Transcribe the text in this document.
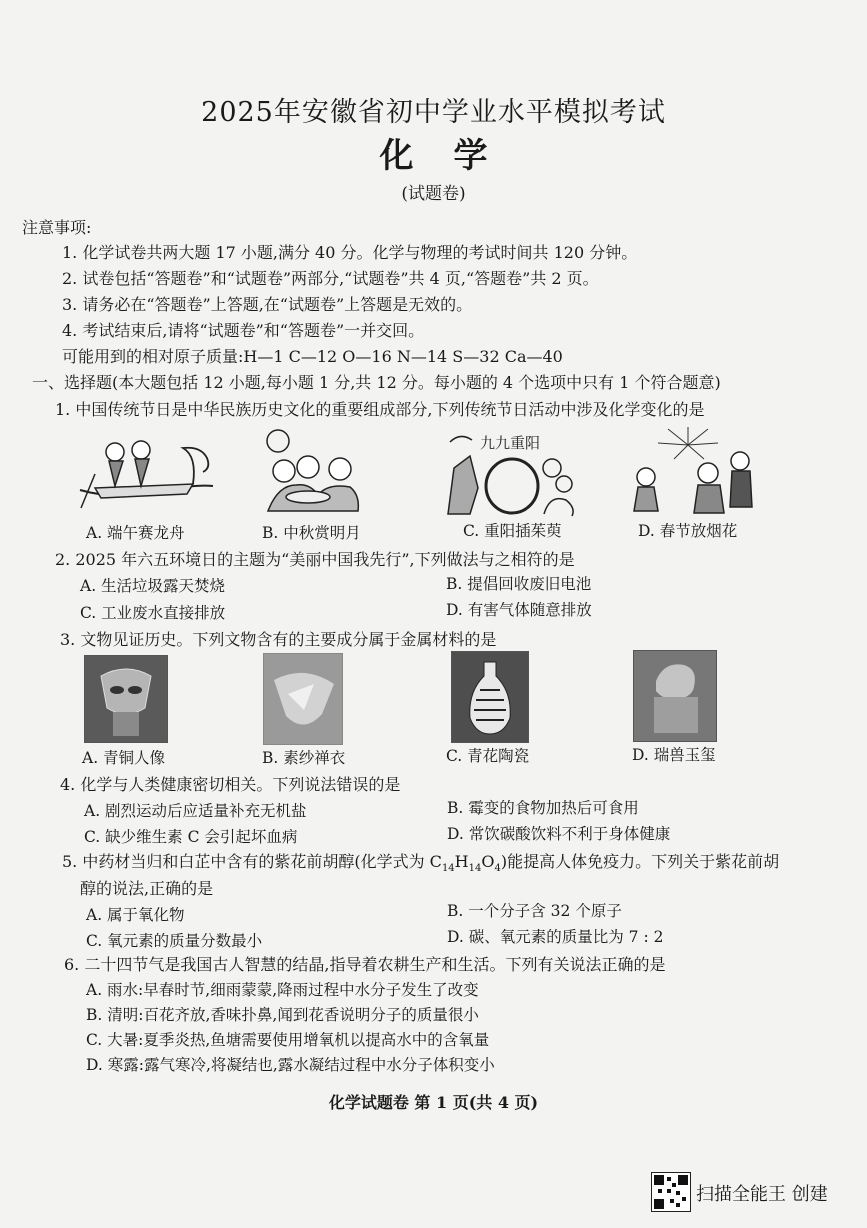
2025年安徽省初中学业水平模拟考试
化学
(试题卷)
注意事项:
1. 化学试卷共两大题 17 小题,满分 40 分。化学与物理的考试时间共 120 分钟。
2. 试卷包括“答题卷”和“试题卷”两部分,“试题卷”共 4 页,“答题卷”共 2 页。
3. 请务必在“答题卷”上答题,在“试题卷”上答题是无效的。
4. 考试结束后,请将“试题卷”和“答题卷”一并交回。
可能用到的相对原子质量:H—1 C—12 O—16 N—14 S—32 Ca—40
一、选择题(本大题包括 12 小题,每小题 1 分,共 12 分。每小题的 4 个选项中只有 1 个符合题意)
1. 中国传统节日是中华民族历史文化的重要组成部分,下列传统节日活动中涉及化学变化的是
九九重阳
A. 端午赛龙舟	B. 中秋赏明月	C. 重阳插茱萸	D. 春节放烟花
2. 2025 年六五环境日的主题为“美丽中国我先行”,下列做法与之相符的是
A. 生活垃圾露天焚烧	B. 提倡回收废旧电池
C. 工业废水直接排放	D. 有害气体随意排放
3. 文物见证历史。下列文物含有的主要成分属于金属材料的是
A. 青铜人像	B. 素纱禅衣	C. 青花陶瓷	D. 瑞兽玉玺
4. 化学与人类健康密切相关。下列说法错误的是
A. 剧烈运动后应适量补充无机盐	B. 霉变的食物加热后可食用
C. 缺少维生素 C 会引起坏血病	D. 常饮碳酸饮料不利于身体健康
5. 中药材当归和白芷中含有的紫花前胡醇(化学式为 $C_{14}H_{14}O_4$)能提高人体免疫力。下列关于紫花前胡
醇的说法,正确的是
A. 属于氧化物	B. 一个分子含 32 个原子
C. 氧元素的质量分数最小	D. 碳、氧元素的质量比为 7 : 2
6. 二十四节气是我国古人智慧的结晶,指导着农耕生产和生活。下列有关说法正确的是
A. 雨水:早春时节,细雨蒙蒙,降雨过程中水分子发生了改变
B. 清明:百花齐放,香味扑鼻,闻到花香说明分子的质量很小
C. 大暑:夏季炎热,鱼塘需要使用增氧机以提高水中的含氧量
D. 寒露:露气寒冷,将凝结也,露水凝结过程中水分子体积变小
化学试题卷 第 1 页(共 4 页)
扫描全能王 创建
